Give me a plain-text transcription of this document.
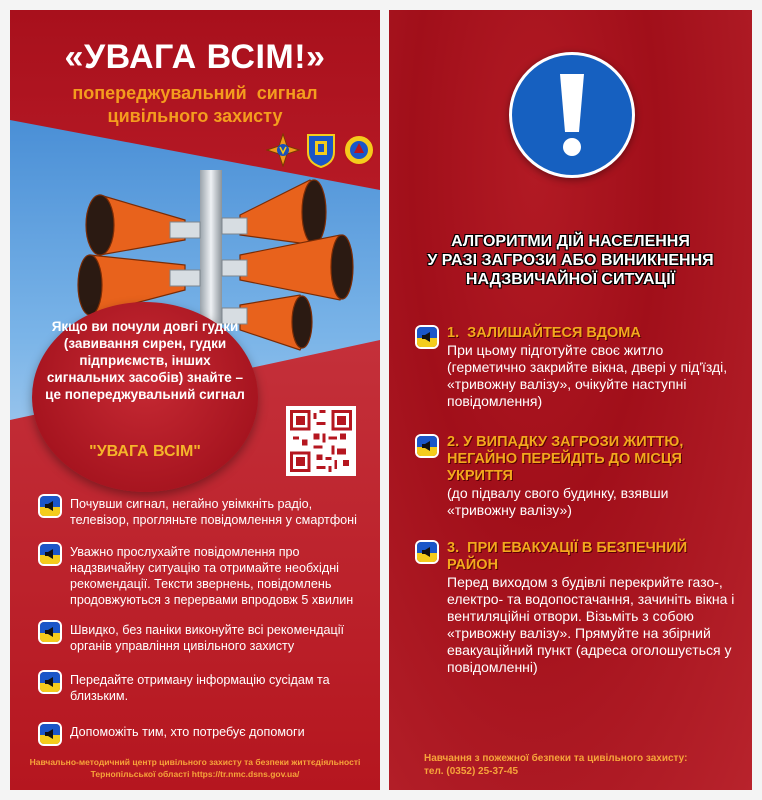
«УВАГА ВСІМ!»
попереджувальний  сигнал
цивільного захисту
Якщо ви почули довгі гудки (завивання сирен, гудки підприємств, інших сигнальних засобів) знайте – це попереджувальний сигнал
"УВАГА ВСІМ"
Почувши сигнал, негайно увімкніть радіо, телевізор, прогляньте повідомлення у смартфоні
Уважно прослухайте повідомлення про надзвичайну ситуацію та отримайте необхідні рекомендації. Тексти звернень, повідомлень продовжуються з перервами впродовж 5 хвилин
Швидко, без паніки виконуйте всі рекомендації органів управління цивільного захисту
Передайте отриману інформацію сусідам та близьким.
Допоможіть тим, хто потребує допомоги
Навчально-методичний центр цивільного захисту та безпеки життєдіяльності
Тернопільської області https://tr.nmc.dsns.gov.ua/
АЛГОРИТМИ ДІЙ НАСЕЛЕННЯ
У РАЗІ ЗАГРОЗИ АБО ВИНИКНЕННЯ
НАДЗВИЧАЙНОЇ СИТУАЦІЇ
1.  ЗАЛИШАЙТЕСЯ ВДОМА
При цьому підготуйте своє житло (герметично закрийте вікна, двері у під'їзді, «тривожну валізу», очікуйте наступні повідомлення)
2. У ВИПАДКУ ЗАГРОЗИ ЖИТТЮ, НЕГАЙНО ПЕРЕЙДІТЬ ДО МІСЦЯ УКРИТТЯ
(до підвалу свого будинку, взявши «тривожну валізу»)
3.  ПРИ ЕВАКУАЦІЇ В БЕЗПЕЧНИЙ РАЙОН
Перед виходом з будівлі перекрийте газо-, електро- та водопостачання, зачиніть вікна і вентиляційні отвори. Візьміть з собою «тривожну валізу». Прямуйте на збірний евакуаційний пункт (адреса оголошується у повідомленні)
Навчання з пожежної безпеки та цивільного захисту:
тел. (0352) 25-37-45
